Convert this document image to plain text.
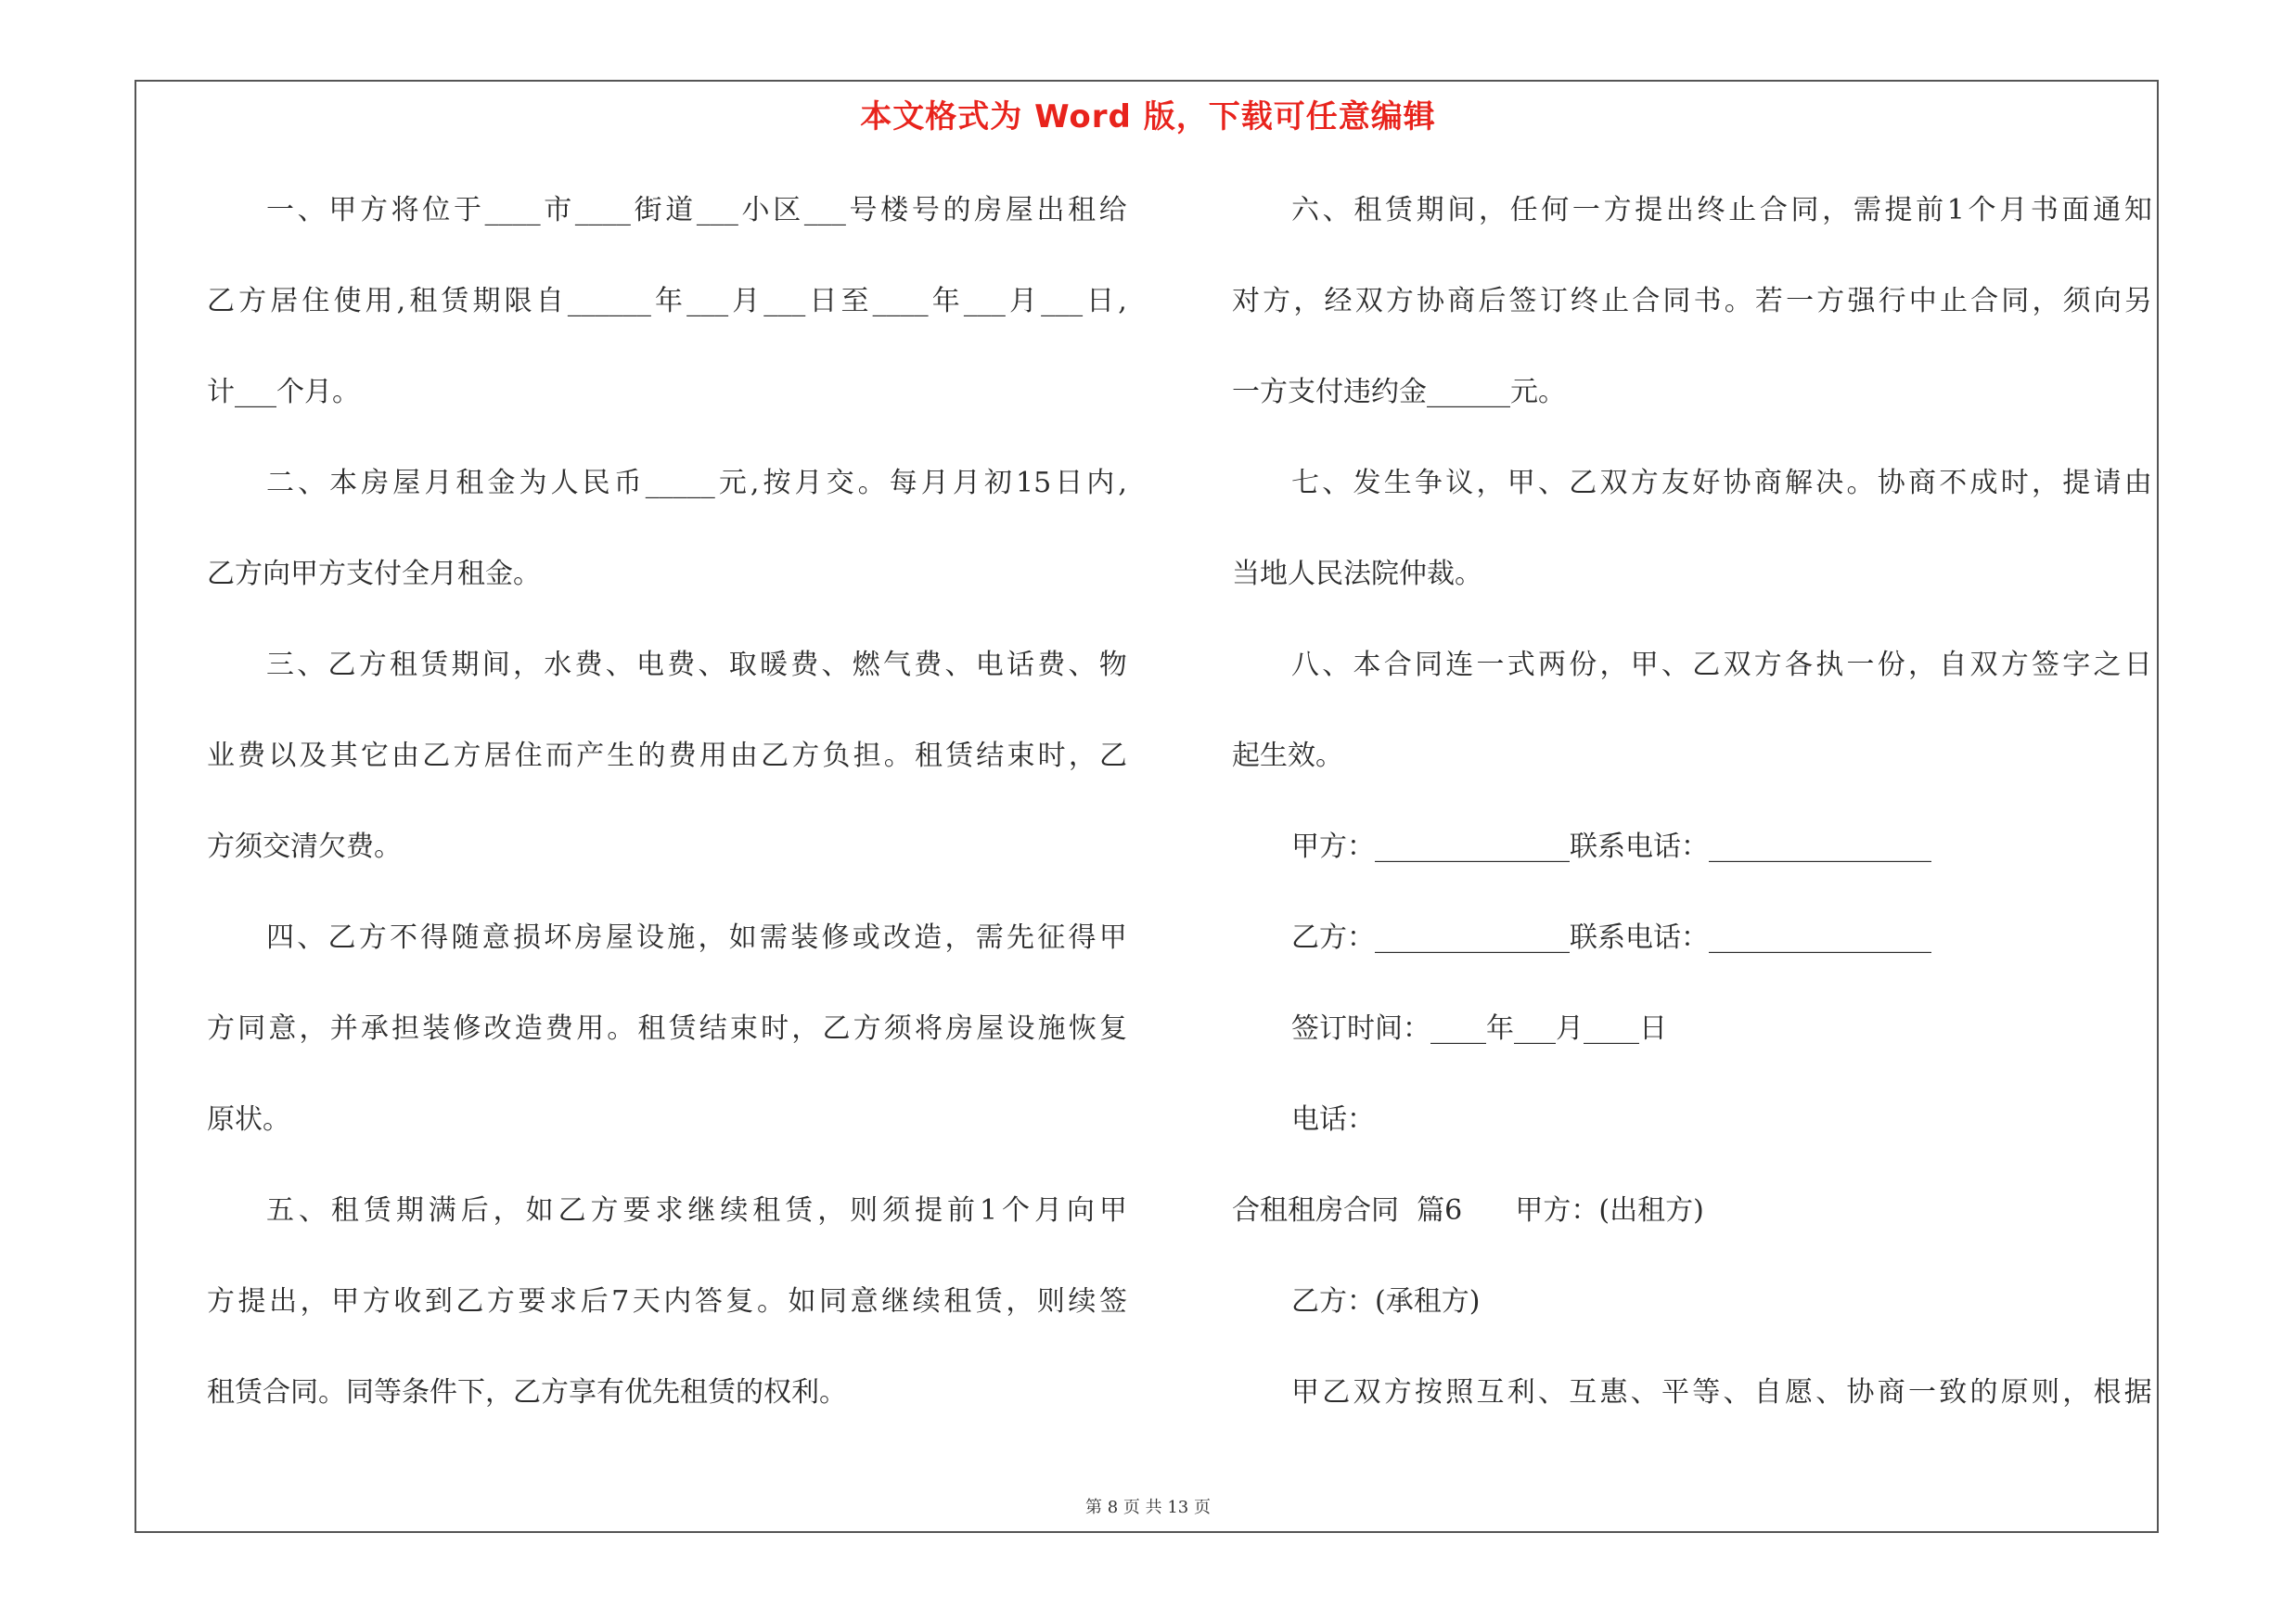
本文格式为 Word 版，下载可任意编辑
一 、 甲 方 将 位 于 ____ 市 ____ 街 道 ___ 小 区 ___ 号 楼 号 的 房 屋 出 租 给
乙 方 居 住 使 用 , 租 赁 期 限 自 ______ 年 ___ 月 ___ 日 至 ____ 年 ___ 月 ___ 日 ,
计___个月。
二 、 本 房 屋 月 租 金 为 人 民 币 _____ 元 , 按 月 交 。 每 月 月 初 15 日 内 ,
乙方向甲方支付全月租金。
三 、 乙 方 租 赁 期 间 ， 水 费 、 电 费 、 取 暖 费 、 燃 气 费 、 电 话 费 、 物
业 费 以 及 其 它 由 乙 方 居 住 而 产 生 的 费 用 由 乙 方 负 担 。 租 赁 结 束 时 ， 乙
方须交清欠费。
四 、 乙 方 不 得 随 意 损 坏 房 屋 设 施 ， 如 需 装 修 或 改 造 ， 需 先 征 得 甲
方 同 意 ， 并 承 担 装 修 改 造 费 用 。 租 赁 结 束 时 ， 乙 方 须 将 房 屋 设 施 恢 复
原状。
五 、 租 赁 期 满 后 ， 如 乙 方 要 求 继 续 租 赁 ， 则 须 提 前 1 个 月 向 甲
方 提 出 ， 甲 方 收 到 乙 方 要 求 后 7 天 内 答 复 。 如 同 意 继 续 租 赁 ， 则 续 签
租赁合同。同等条件下，乙方享有优先租赁的权利。
六 、 租 赁 期 间 ， 任 何 一 方 提 出 终 止 合 同 ， 需 提 前 1 个 月 书 面 通 知
对 方 ， 经 双 方 协 商 后 签 订 终 止 合 同 书 。 若 一 方 强 行 中 止 合 同 ， 须 向 另
一方支付违约金______元。
七 、 发 生 争 议 ， 甲 、 乙 双 方 友 好 协 商 解 决 。 协 商 不 成 时 ， 提 请 由
当地人民法院仲裁。
八 、 本 合 同 连 一 式 两 份 ， 甲 、 乙 双 方 各 执 一 份 ， 自 双 方 签 字 之 日
起生效。
甲方：______________联系电话：________________
乙方：______________联系电话：________________
签订时间：____年___月____日
电话：
合租租房合同  篇6      甲方：(出租方)
乙方：(承租方)
甲 乙 双 方 按 照 互 利 、 互 惠 、 平 等 、 自 愿 、 协 商 一 致 的 原 则 ， 根 据
第 8 页 共 13 页
